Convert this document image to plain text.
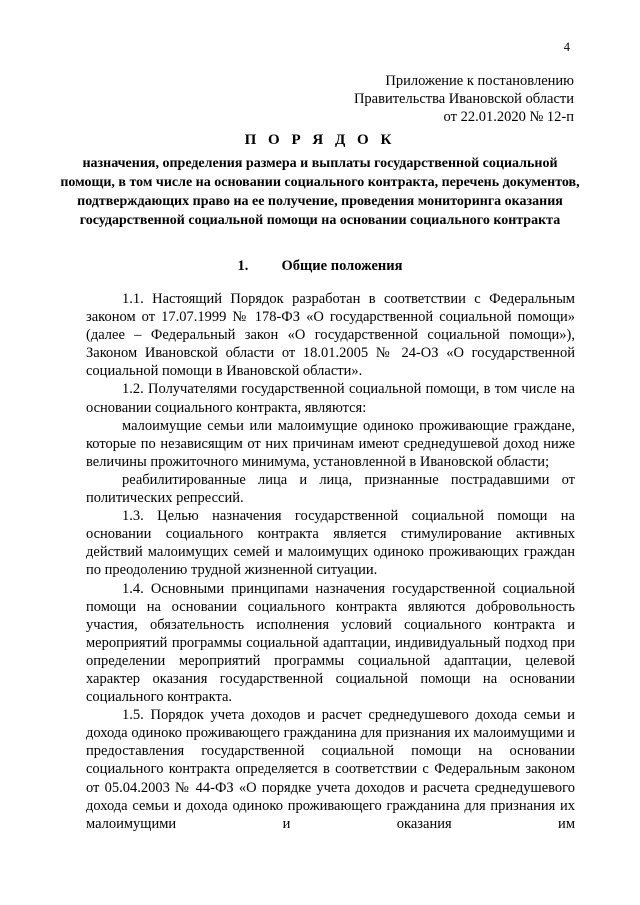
4
Приложение к постановлению
Правительства Ивановской области
от 22.01.2020 № 12-п
П О Р Я Д О К
назначения, определения размера и выплаты государственной социальной помощи, в том числе на основании социального контракта, перечень документов, подтверждающих право на ее получение, проведения мониторинга оказания государственной социальной помощи на основании социального контракта
1. Общие положения

1.1. Настоящий Порядок разработан в соответствии с Федеральным законом от 17.07.1999 № 178-ФЗ «О государственной социальной помощи» (далее – Федеральный закон «О государственной социальной помощи»), Законом Ивановской области от 18.01.2005 № 24-ОЗ «О государственной социальной помощи в Ивановской области».

1.2. Получателями государственной социальной помощи, в том числе на основании социального контракта, являются:

малоимущие семьи или малоимущие одиноко проживающие граждане, которые по независящим от них причинам имеют среднедушевой доход ниже величины прожиточного минимума, установленной в Ивановской области;

реабилитированные лица и лица, признанные пострадавшими от политических репрессий.

1.3. Целью назначения государственной социальной помощи на основании социального контракта является стимулирование активных действий малоимущих семей и малоимущих одиноко проживающих граждан по преодолению трудной жизненной ситуации.

1.4. Основными принципами назначения государственной социальной помощи на основании социального контракта являются добровольность участия, обязательность исполнения условий социального контракта и мероприятий программы социальной адаптации, индивидуальный подход при определении мероприятий программы социальной адаптации, целевой характер оказания государственной социальной помощи на основании социального контракта.

1.5. Порядок учета доходов и расчет среднедушевого дохода семьи и дохода одиноко проживающего гражданина для признания их малоимущими и предоставления государственной социальной помощи на основании социального контракта определяется в соответствии с Федеральным законом от 05.04.2003 № 44-ФЗ «О порядке учета доходов и расчета среднедушевого дохода семьи и дохода одиноко проживающего гражданина для признания их малоимущими и оказания им
